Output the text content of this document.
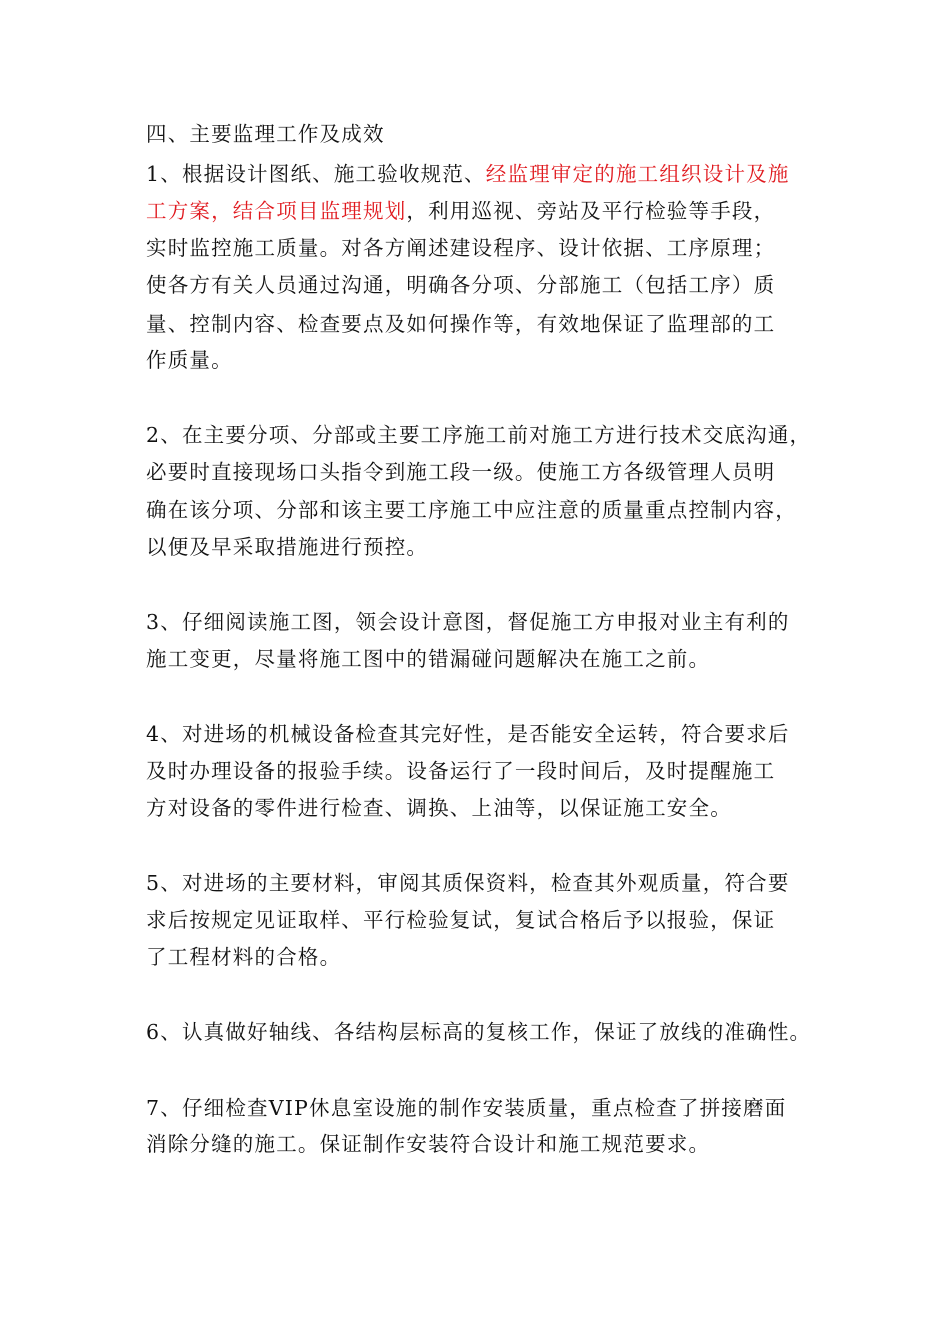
四、主要监理工作及成效
1、根据设计图纸、施工验收规范、经监理审定的施工组织设计及施
工方案，结合项目监理规划，利用巡视、旁站及平行检验等手段，
实时监控施工质量。对各方阐述建设程序、设计依据、工序原理；
使各方有关人员通过沟通，明确各分项、分部施工（包括工序）质
量、控制内容、检查要点及如何操作等，有效地保证了监理部的工
作质量。
2、在主要分项、分部或主要工序施工前对施工方进行技术交底沟通，
必要时直接现场口头指令到施工段一级。使施工方各级管理人员明
确在该分项、分部和该主要工序施工中应注意的质量重点控制内容，
以便及早采取措施进行预控。
3、仔细阅读施工图，领会设计意图，督促施工方申报对业主有利的
施工变更，尽量将施工图中的错漏碰问题解决在施工之前。
4、对进场的机械设备检查其完好性，是否能安全运转，符合要求后
及时办理设备的报验手续。设备运行了一段时间后，及时提醒施工
方对设备的零件进行检查、调换、上油等，以保证施工安全。
5、对进场的主要材料，审阅其质保资料，检查其外观质量，符合要
求后按规定见证取样、平行检验复试，复试合格后予以报验，保证
了工程材料的合格。
6、认真做好轴线、各结构层标高的复核工作，保证了放线的准确性。
7、仔细检查VIP休息室设施的制作安装质量，重点检查了拼接磨面
消除分缝的施工。保证制作安装符合设计和施工规范要求。
